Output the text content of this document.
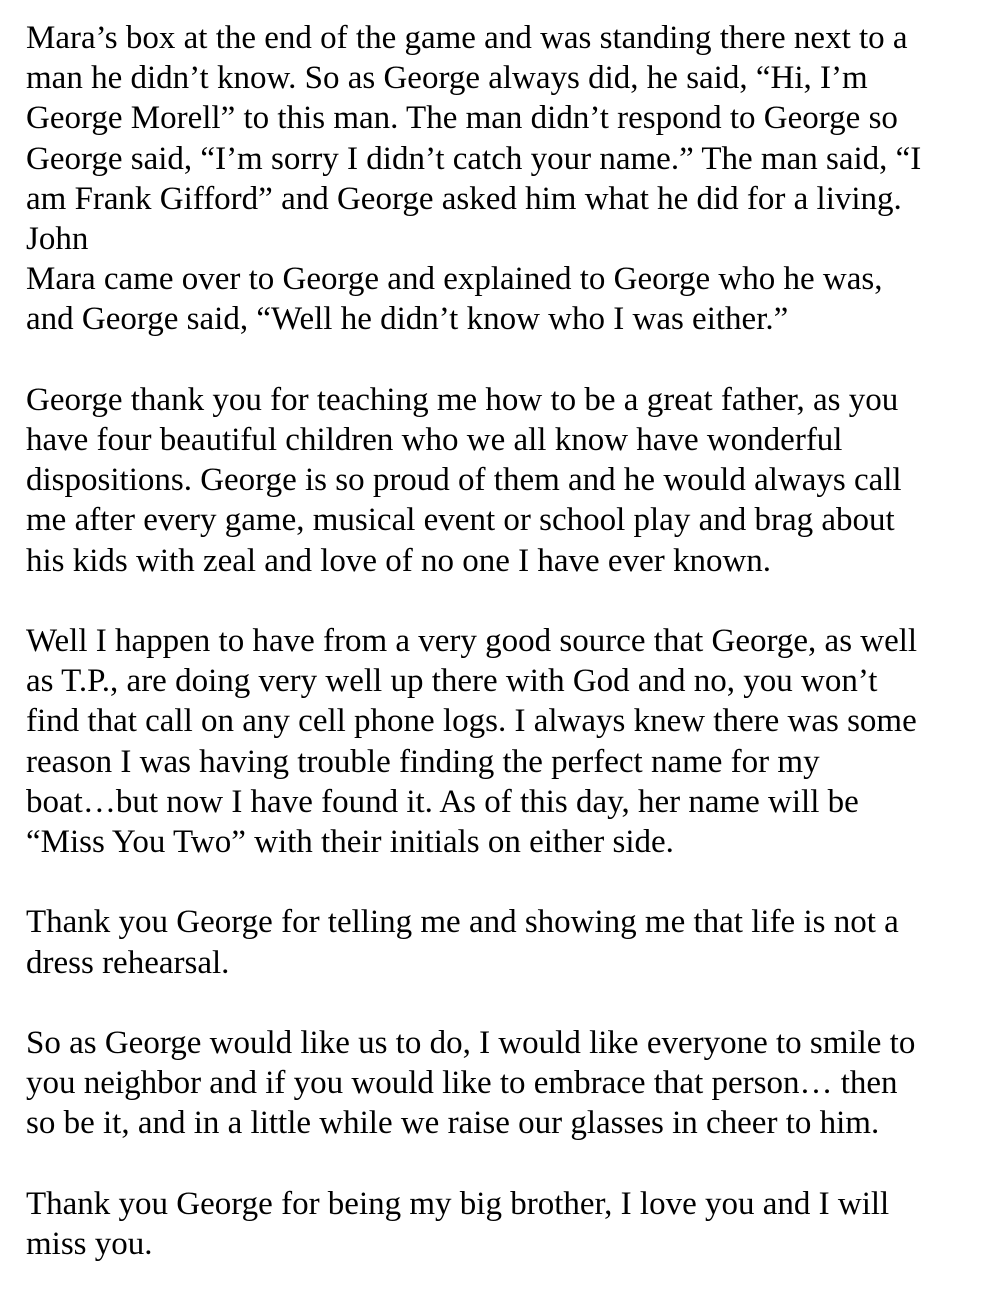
Mara’s box at the end of the game and was standing there next to a
man he didn’t know. So as George always did, he said, “Hi, I’m
George Morell” to this man. The man didn’t respond to George so
George said, “I’m sorry I didn’t catch your name.” The man said, “I
am Frank Gifford” and George asked him what he did for a living.
John
Mara came over to George and explained to George who he was,
and George said, “Well he didn’t know who I was either.”

George thank you for teaching me how to be a great father, as you
have four beautiful children who we all know have wonderful
dispositions. George is so proud of them and he would always call
me after every game, musical event or school play and brag about
his kids with zeal and love of no one I have ever known.

Well I happen to have from a very good source that George, as well
as T.P., are doing very well up there with God and no, you won’t
find that call on any cell phone logs. I always knew there was some
reason I was having trouble finding the perfect name for my
boat…but now I have found it. As of this day, her name will be
“Miss You Two” with their initials on either side.

Thank you George for telling me and showing me that life is not a
dress rehearsal.

So as George would like us to do, I would like everyone to smile to
you neighbor and if you would like to embrace that person… then
so be it, and in a little while we raise our glasses in cheer to him.

Thank you George for being my big brother, I love you and I will
miss you.
